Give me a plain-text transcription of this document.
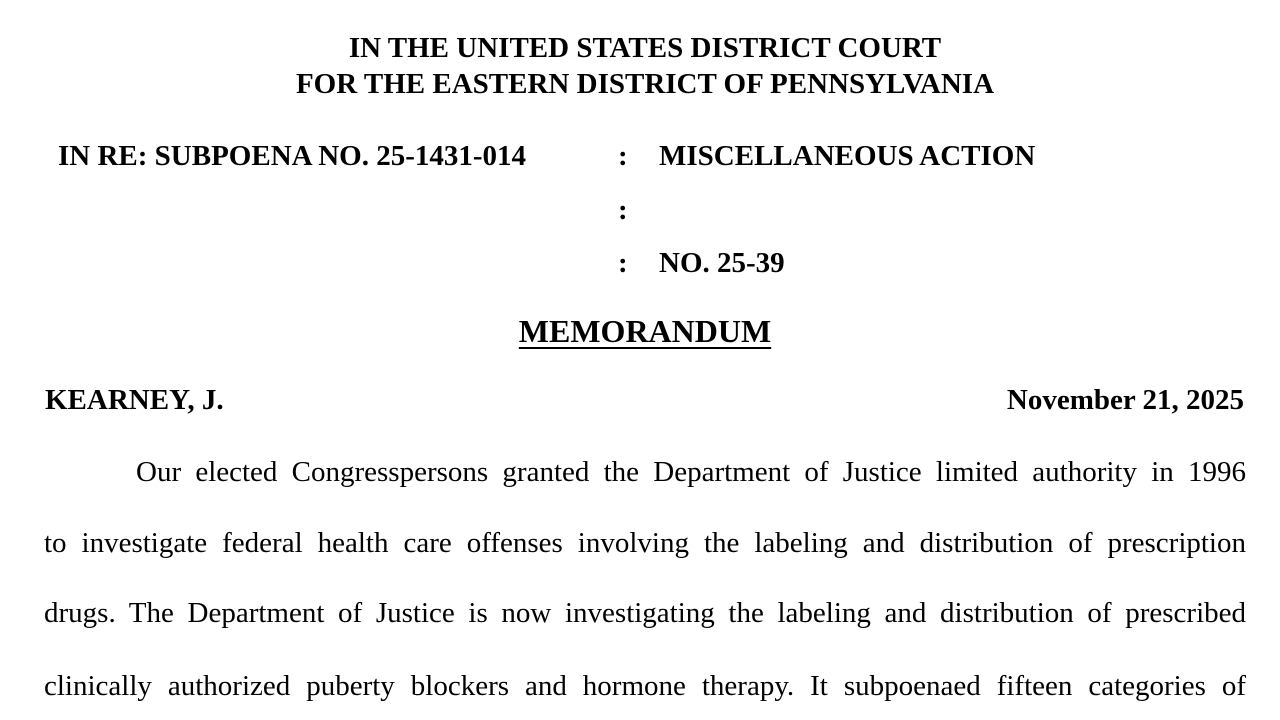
IN THE UNITED STATES DISTRICT COURT
FOR THE EASTERN DISTRICT OF PENNSYLVANIA
IN RE: SUBPOENA NO. 25-1431-014	:
:
:
MISCELLANEOUS ACTION
NO. 25-39
MEMORANDUM
KEARNEY, J.	November 21, 2025
Our elected Congresspersons granted the Department of Justice limited authority in 1996
to investigate federal health care offenses involving the labeling and distribution of prescription
drugs. The Department of Justice is now investigating the labeling and distribution of prescribed
clinically authorized puberty blockers and hormone therapy. It subpoenaed fifteen categories of
